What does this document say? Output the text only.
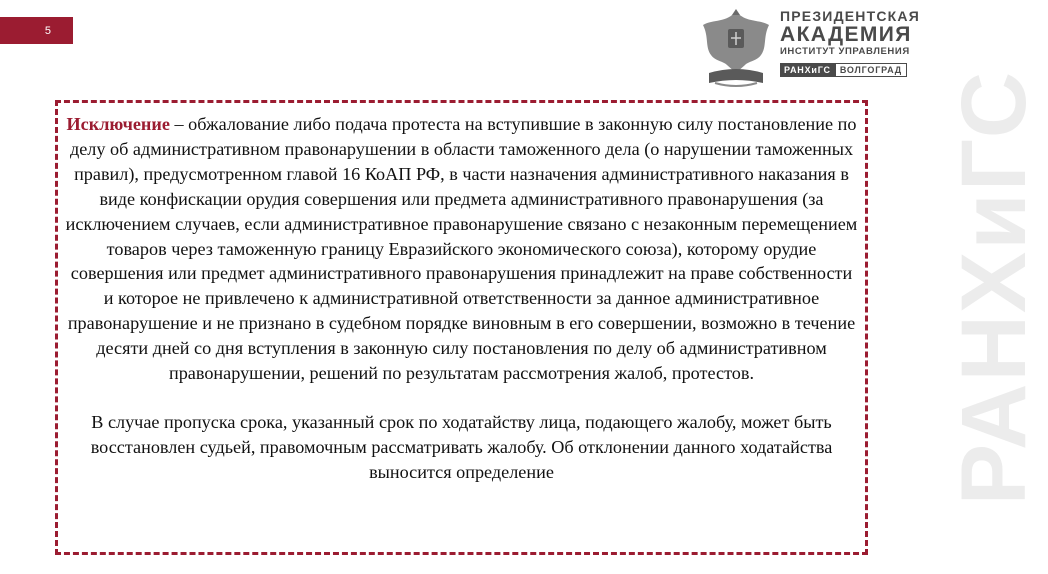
5
РАНХиГС
ПРЕЗИДЕНТСКАЯ
АКАДЕМИЯ
ИНСТИТУТ УПРАВЛЕНИЯ
РАНХиГС	ВОЛГОГРАД

Исключение – обжалование либо подача протеста на вступившие в законную силу постановление по делу об административном правонарушении в области таможенного дела (о нарушении таможенных правил), предусмотренном главой 16 КоАП РФ, в части назначения административного наказания в виде конфискации орудия совершения или предмета административного правонарушения (за исключением случаев, если административное правонарушение связано с незаконным перемещением товаров через таможенную границу Евразийского экономического союза), которому орудие совершения или предмет административного правонарушения принадлежит на праве собственности и которое не привлечено к административной ответственности за данное административное правонарушение и не признано в судебном порядке виновным в его совершении, возможно в течение десяти дней со дня вступления в законную силу постановления по делу об административном правонарушении, решений по результатам рассмотрения жалоб, протестов.

В случае пропуска срока, указанный срок по ходатайству лица, подающего жалобу, может быть восстановлен судьей, правомочным рассматривать жалобу. Об отклонении данного ходатайства выносится определение
